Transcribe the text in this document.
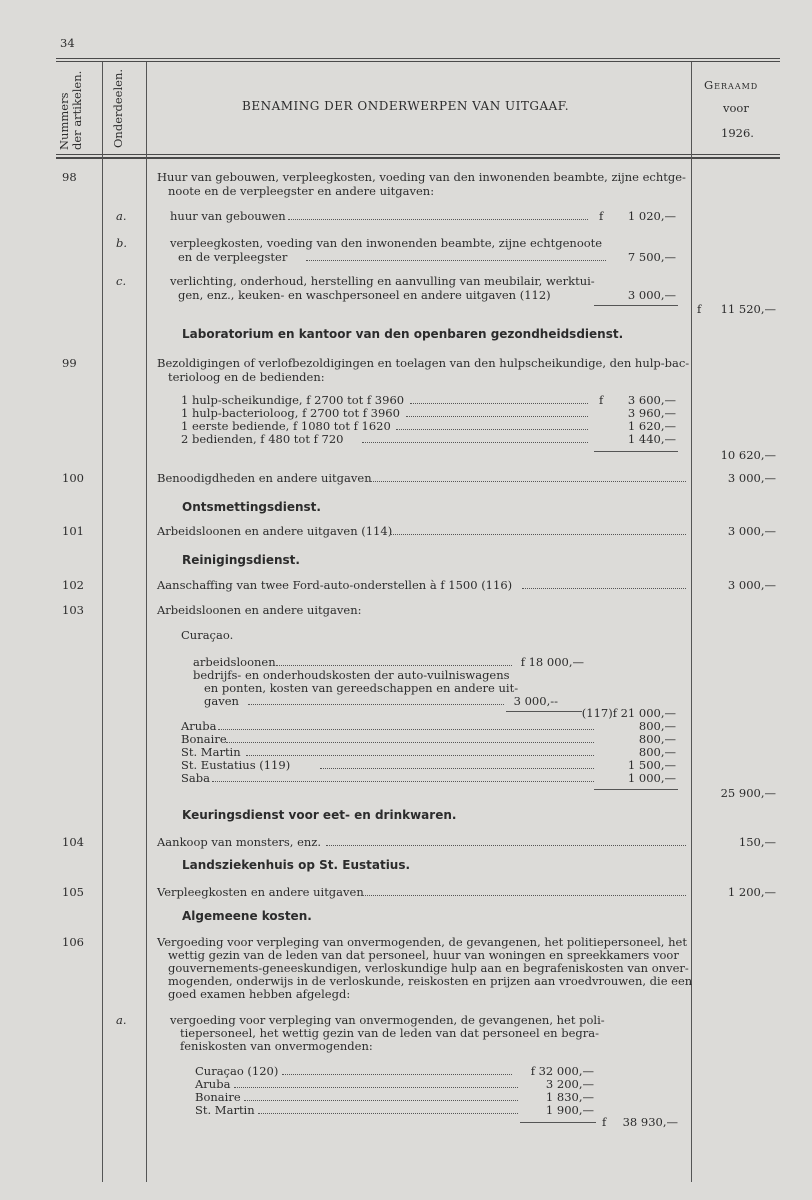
34
Nummers der artikelen. Onderdeelen.	BENAMING DER ONDERWERPEN VAN UITGAAF.
Geraamd
voor
1926.
98	Huur van gebouwen, verpleegkosten, voeding van den inwonenden beambte, zijne echtge-
noote en de verpleegster en andere uitgaven:
a.	huur van gebouwen	f	1 020,—
b.	verpleegkosten, voeding van den inwonenden beambte, zijne echtgenoote
en de verpleegster	7 500,—
c.	verlichting, onderhoud, herstelling en aanvulling van meubilair, werktui-
gen, enz., keuken- en waschpersoneel en andere uitgaven (112)	3 000,—
f	11 520,—
Laboratorium en kantoor van den openbaren gezondheidsdienst.
99	Bezoldigingen of verlofbezoldigingen en toelagen van den hulpscheikundige, den hulp-bac-
terioloog en de bedienden:
1 hulp-scheikundige, f 2700 tot f 3960	f	3 600,—
1 hulp-bacterioloog, f 2700 tot f 3960	3 960,—
1 eerste bediende, f 1080 tot f 1620	1 620,—
2 bedienden, f 480 tot f 720	1 440,—
10 620,—
100	Benoodigdheden en andere uitgaven	3 000,—
Ontsmettingsdienst.
101	Arbeidsloonen en andere uitgaven (114)	3 000,—
Reinigingsdienst.
102	Aanschaffing van twee Ford-auto-onderstellen à f 1500 (116)	3 000,—
103	Arbeidsloonen en andere uitgaven:
Curaçao.
arbeidsloonen	f 18 000,—
bedrijfs- en onderhoudskosten der auto-vuilniswagens
en ponten, kosten van gereedschappen en andere uit-
gaven	3 000,--
(117)f 21 000,—
Aruba	800,—
Bonaire	800,—
St. Martin	800,—
St. Eustatius (119)	1 500,—
Saba	1 000,—
25 900,—
Keuringsdienst voor eet- en drinkwaren.
104	Aankoop van monsters, enz.	150,—
Landsziekenhuis op St. Eustatius.
105	Verpleegkosten en andere uitgaven	1 200,—
Algemeene kosten.
106	Vergoeding voor verpleging van onvermogenden, de gevangenen, het politiepersoneel, het
wettig gezin van de leden van dat personeel, huur van woningen en spreekkamers voor
gouvernements-geneeskundigen, verloskundige hulp aan en begrafeniskosten van onver-
mogenden, onderwijs in de verloskunde, reiskosten en prijzen aan vroedvrouwen, die een
goed examen hebben afgelegd:
a.	vergoeding voor verpleging van onvermogenden, de gevangenen, het poli-
tiepersoneel, het wettig gezin van de leden van dat personeel en begra-
feniskosten van onvermogenden:
Curaçao (120)	f 32 000,—
Aruba	3 200,—
Bonaire	1 830,—
St. Martin	1 900,—
f	38 930,—
